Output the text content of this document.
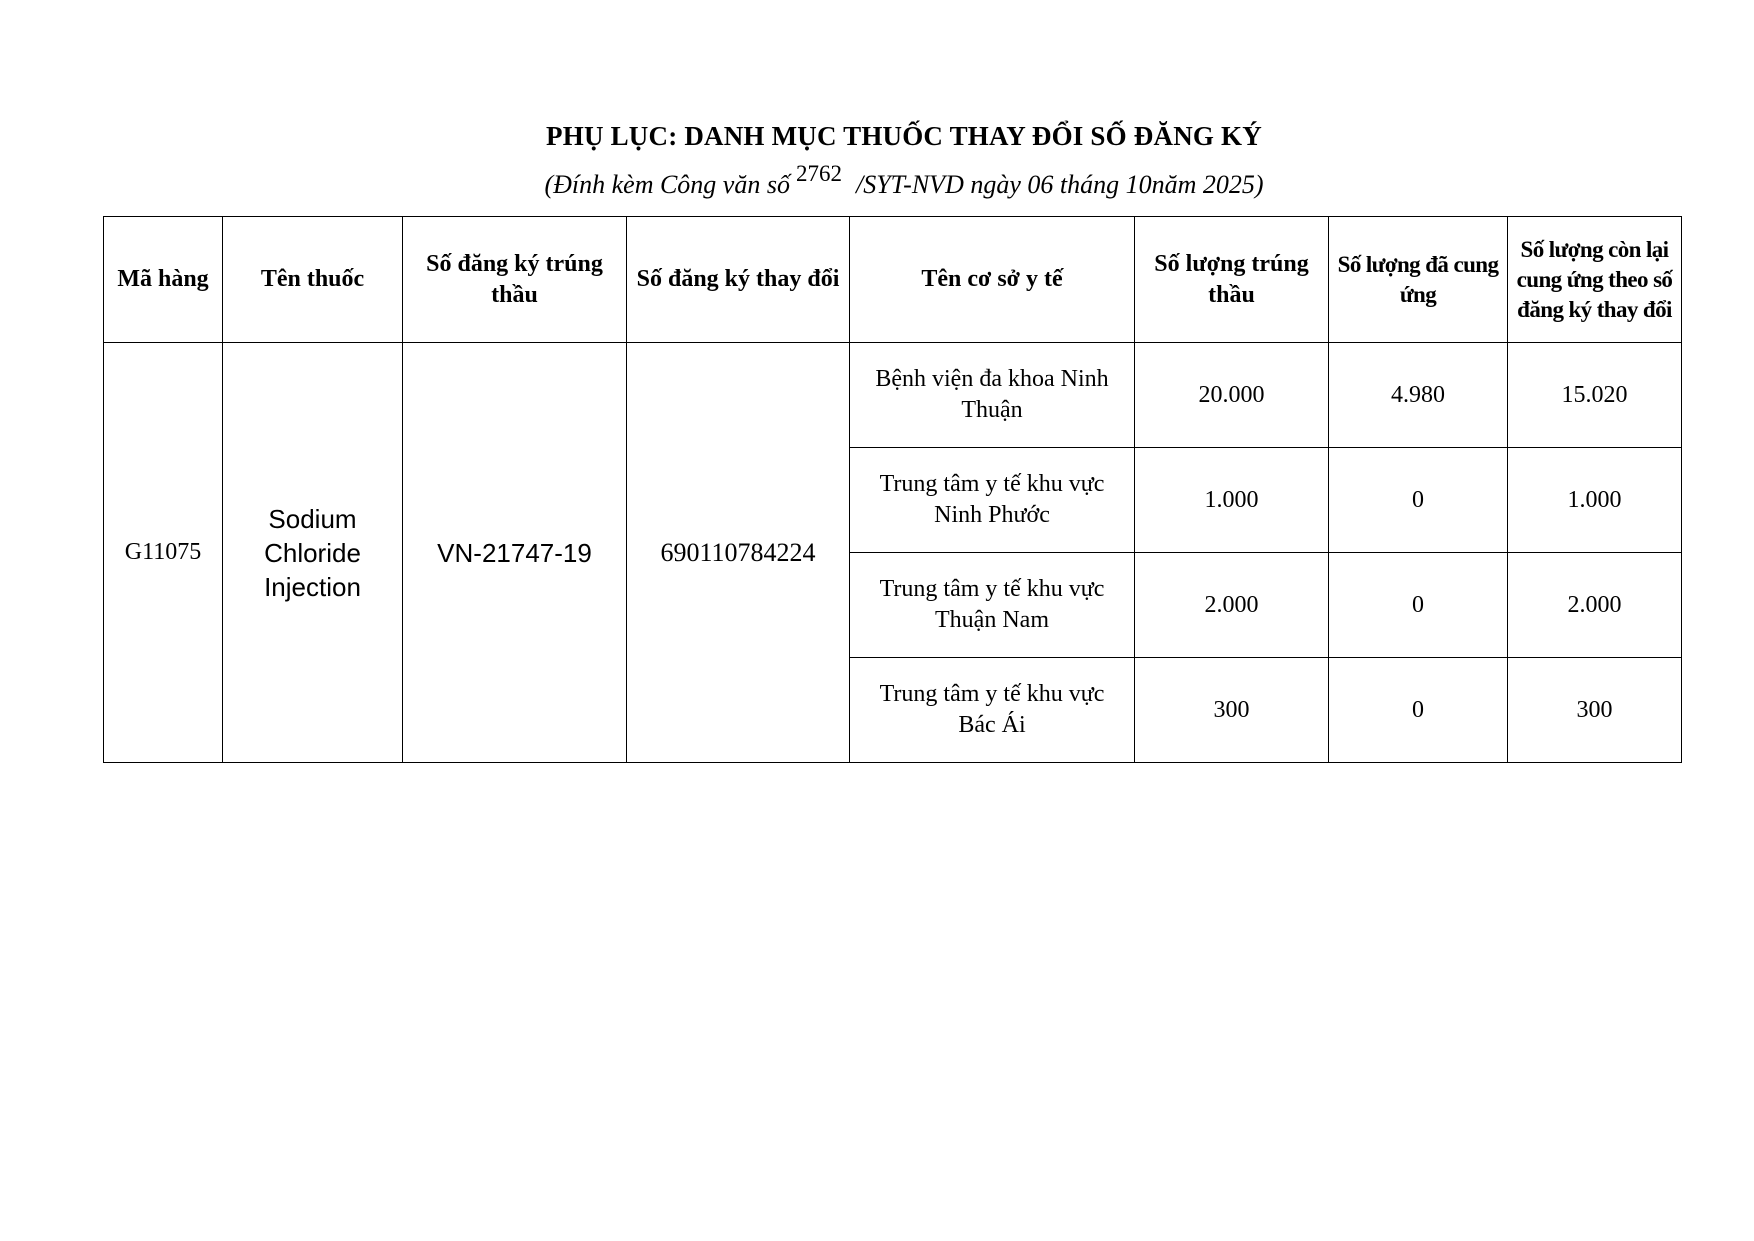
PHỤ LỤC: DANH MỤC THUỐC THAY ĐỔI SỐ ĐĂNG KÝ
(Đính kèm Công văn số 2762 /SYT-NVD ngày 06 tháng 10năm 2025)
Mã hàng	Tên thuốc	Số đăng ký trúng thầu	Số đăng ký thay đổi	Tên cơ sở y tế	Số lượng trúng thầu	Số lượng đã cung ứng	Số lượng còn lại cung ứng theo số đăng ký thay đổi
G11075	Sodium Chloride Injection	VN-21747-19	690110784224	Bệnh viện đa khoa Ninh Thuận	20.000	4.980	15.020
				Trung tâm y tế khu vực Ninh Phước	1.000	0	1.000
				Trung tâm y tế khu vực Thuận Nam	2.000	0	2.000
				Trung tâm y tế khu vực Bác Ái	300	0	300
